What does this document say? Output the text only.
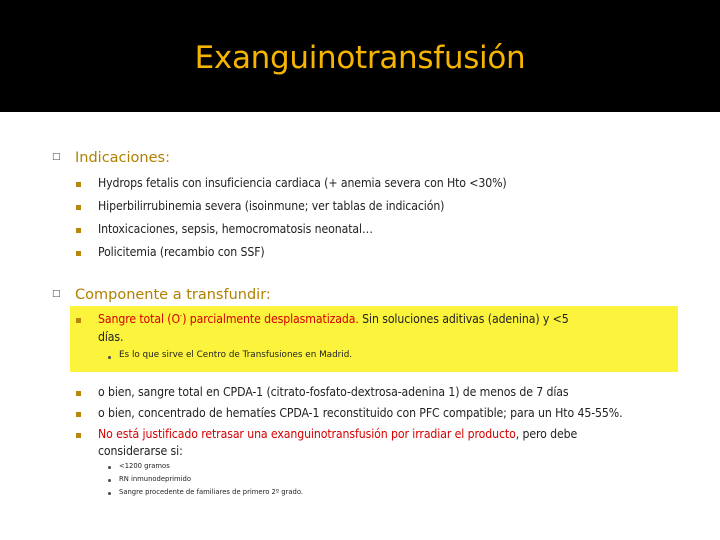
Exanguinotransfusión
□ Indicaciones:
Hydrops fetalis con insuficiencia cardiaca (+ anemia severa con Hto <30%)
Hiperbilirrubinemia severa (isoinmune; ver tablas de indicación)
Intoxicaciones, sepsis, hemocromatosis neonatal…
Policitemia (recambio con SSF)
□ Componente a transfundir:
Sangre total (O-) parcialmente desplasmatizada. Sin soluciones aditivas (adenina) y <5
días.
Es lo que sirve el Centro de Transfusiones en Madrid.
o bien, sangre total en CPDA-1 (citrato-fosfato-dextrosa-adenina 1) de menos de 7 días
o bien, concentrado de hematíes CPDA-1 reconstituido con PFC compatible; para un Hto 45-55%.
No está justificado retrasar una exanguinotransfusión por irradiar el producto, pero debe
considerarse si:
<1200 gramos
RN inmunodeprimido
Sangre procedente de familiares de primero 2º grado.
